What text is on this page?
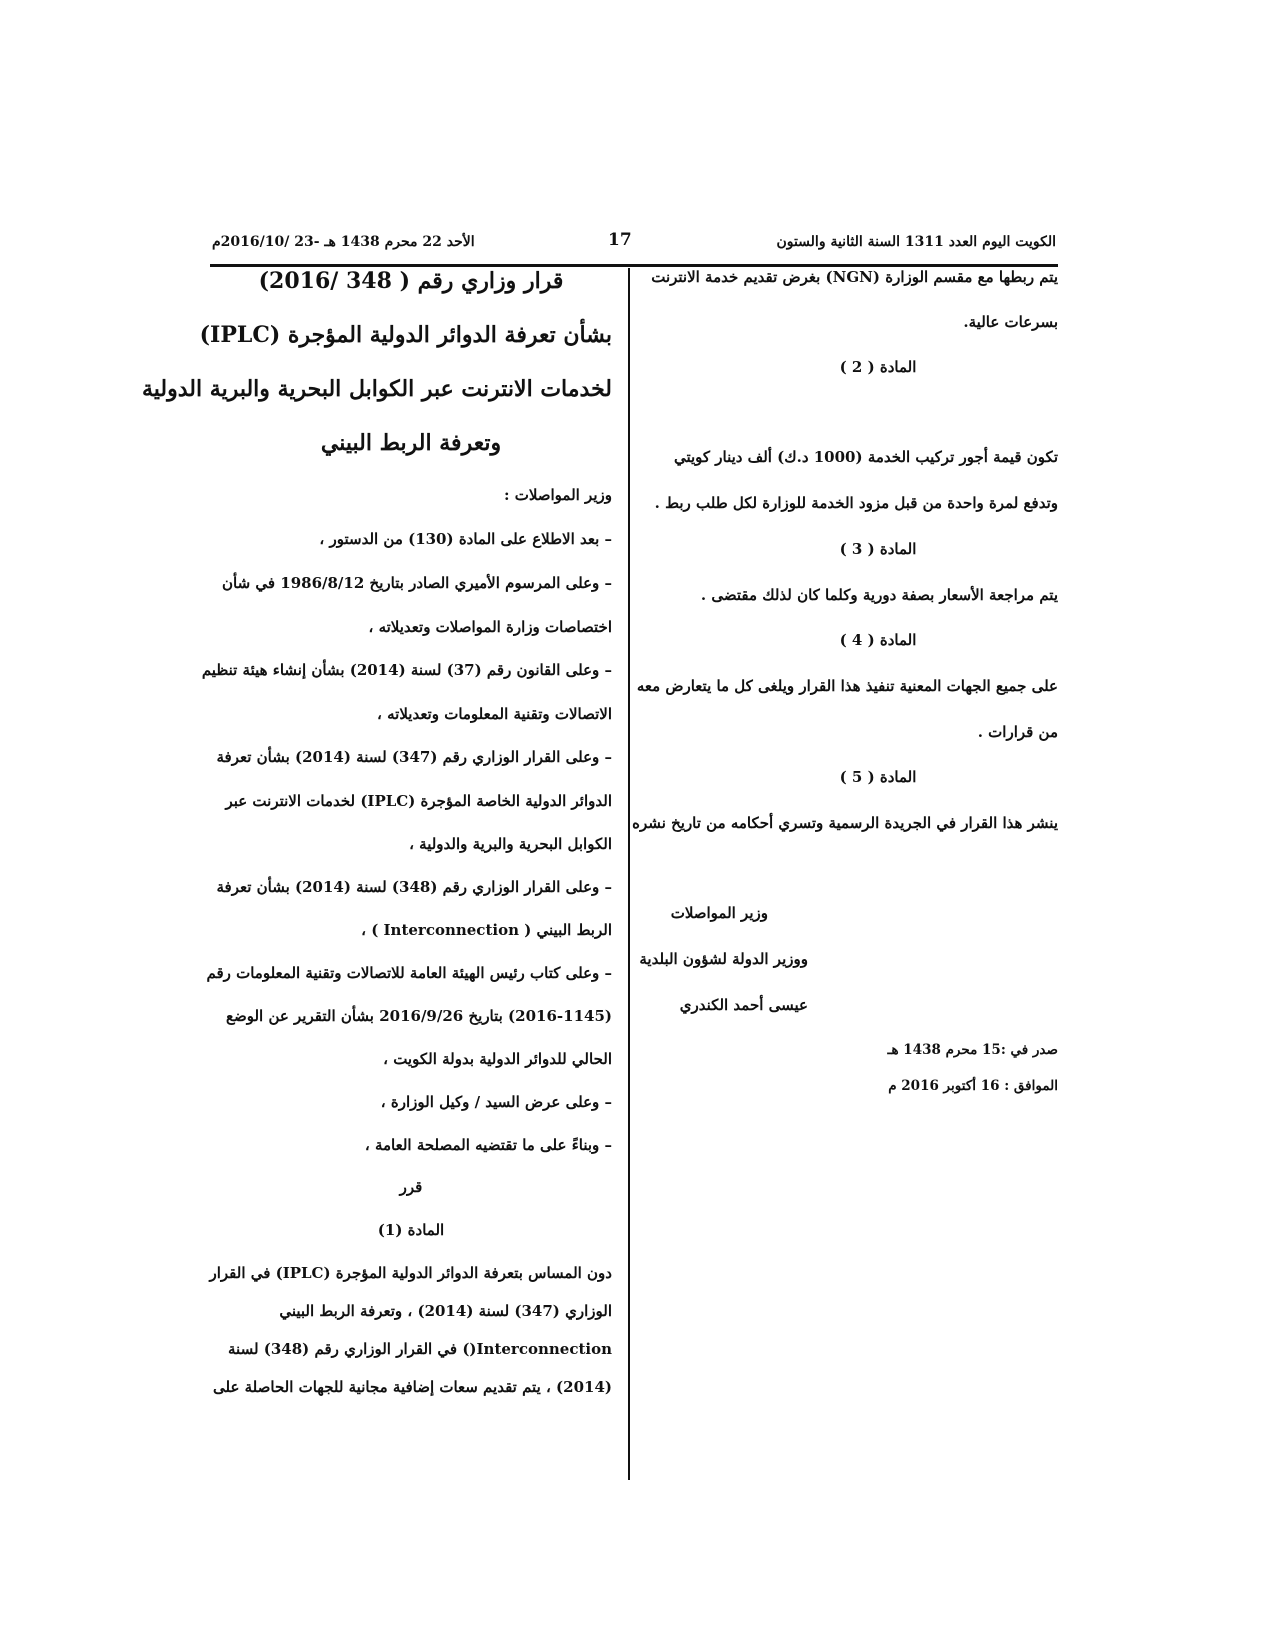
الكويت اليوم العدد 1311 السنة الثانية والستون
17
الأحد 22 محرم 1438 هـ -23 /2016/10م
يتم ربطها مع مقسم الوزارة (NGN) بغرض تقديم خدمة الانترنت
بسرعات عالية.
المادة ( 2 )
تكون قيمة أجور تركيب الخدمة (1000 د.ك) ألف دينار كويتي
وتدفع لمرة واحدة من قبل مزود الخدمة للوزارة لكل طلب ربط .
المادة ( 3 )
يتم مراجعة الأسعار بصفة دورية وكلما كان لذلك مقتضى .
المادة ( 4 )
على جميع الجهات المعنية تنفيذ هذا القرار ويلغى كل ما يتعارض معه
من قرارات .
المادة ( 5 )
ينشر هذا القرار في الجريدة الرسمية وتسري أحكامه من تاريخ نشره
وزير المواصلات
ووزير الدولة لشؤون البلدية
عيسى أحمد الكندري
صدر في :15 محرم 1438 هـ
الموافق : 16 أكتوبر 2016 م
قرار وزاري رقم ( 348 /2016)
بشأن تعرفة الدوائر الدولية المؤجرة (IPLC)
لخدمات الانترنت عبر الكوابل البحرية والبرية الدولية
وتعرفة الربط البيني
وزير المواصلات :
– بعد الاطلاع على المادة (130) من الدستور ،
– وعلى المرسوم الأميري الصادر بتاريخ 1986/8/12 في شأن
اختصاصات وزارة المواصلات وتعديلاته ،
– وعلى القانون رقم (37) لسنة (2014) بشأن إنشاء هيئة تنظيم
الاتصالات وتقنية المعلومات وتعديلاته ،
– وعلى القرار الوزاري رقم (347) لسنة (2014) بشأن تعرفة
الدوائر الدولية الخاصة المؤجرة (IPLC) لخدمات الانترنت عبر
الكوابل البحرية والبرية والدولية ،
– وعلى القرار الوزاري رقم (348) لسنة (2014) بشأن تعرفة
الربط البيني ( Interconnection ) ،
– وعلى كتاب رئيس الهيئة العامة للاتصالات وتقنية المعلومات رقم
(2016-1145) بتاريخ 2016/9/26 بشأن التقرير عن الوضع
الحالي للدوائر الدولية بدولة الكويت ،
– وعلى عرض السيد / وكيل الوزارة ،
– وبناءً على ما تقتضيه المصلحة العامة ،
قرر
المادة (1)
دون المساس بتعرفة الدوائر الدولية المؤجرة (IPLC) في القرار
الوزاري (347) لسنة (2014) ، وتعرفة الربط البيني
Interconnection() في القرار الوزاري رقم (348) لسنة
(2014) ، يتم تقديم سعات إضافية مجانية للجهات الحاصلة على
